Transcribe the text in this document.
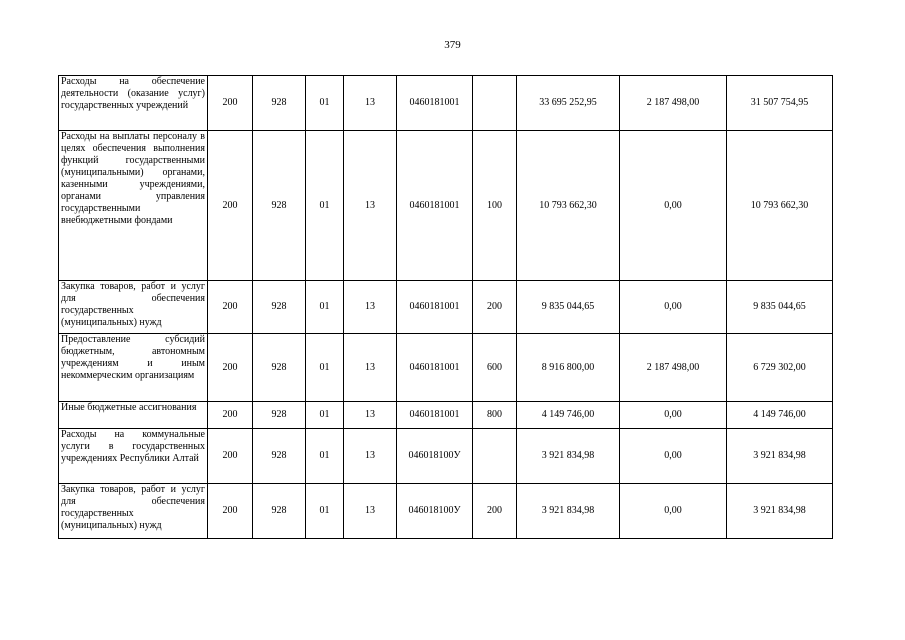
379
Расходы на обеспечение деятельности (оказание услуг) государственных учреждений	200	928	01	13	0460181001		33 695 252,95	2 187 498,00	31 507 754,95
Расходы на выплаты персоналу в целях обеспечения выполнения функций государственными (муниципальными) органами, казенными учреждениями, органами управления государственными внебюджетными фондами	200	928	01	13	0460181001	100	10 793 662,30	0,00	10 793 662,30
Закупка товаров, работ и услуг для обеспечения государственных (муниципальных) нужд	200	928	01	13	0460181001	200	9 835 044,65	0,00	9 835 044,65
Предоставление субсидий бюджетным, автономным учреждениям и иным некоммерческим организациям	200	928	01	13	0460181001	600	8 916 800,00	2 187 498,00	6 729 302,00
Иные бюджетные ассигнования	200	928	01	13	0460181001	800	4 149 746,00	0,00	4 149 746,00
Расходы на коммунальные услуги в государственных учреждениях Республики Алтай	200	928	01	13	046018100У		3 921 834,98	0,00	3 921 834,98
Закупка товаров, работ и услуг для обеспечения государственных (муниципальных) нужд	200	928	01	13	046018100У	200	3 921 834,98	0,00	3 921 834,98
